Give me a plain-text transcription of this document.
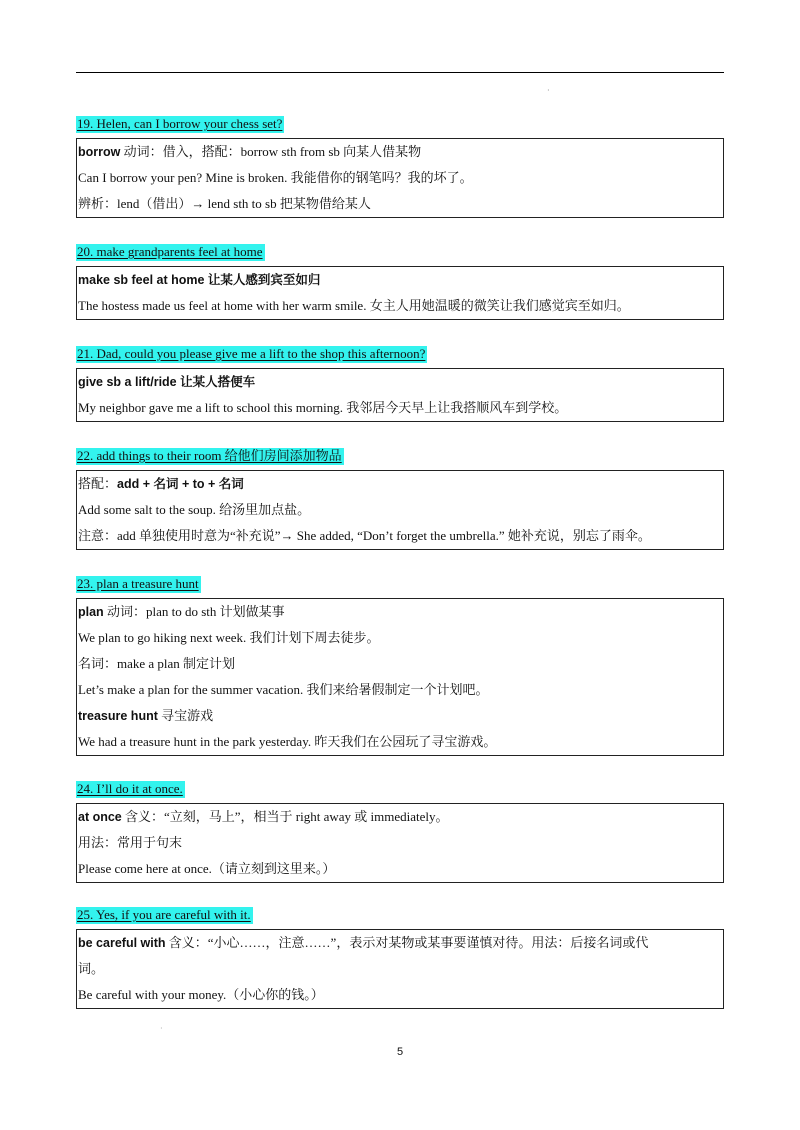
·
19. Helen, can I borrow your chess set?
borrow 动词：借入，搭配：borrow sth from sb 向某人借某物
Can I borrow your pen? Mine is broken. 我能借你的钢笔吗？我的坏了。
辨析：lend（借出）→ lend sth to sb 把某物借给某人
20. make grandparents feel at home
make sb feel at home 让某人感到宾至如归
The hostess made us feel at home with her warm smile. 女主人用她温暖的微笑让我们感觉宾至如归。
21. Dad, could you please give me a lift to the shop this afternoon?
give sb a lift/ride 让某人搭便车
My neighbor gave me a lift to school this morning. 我邻居今天早上让我搭顺风车到学校。
22. add things to their room 给他们房间添加物品
搭配：add + 名词 + to + 名词
Add some salt to the soup. 给汤里加点盐。
注意：add 单独使用时意为“补充说”→ She added, “Don’t forget the umbrella.” 她补充说，别忘了雨伞。
23. plan a treasure hunt
plan 动词：plan to do sth 计划做某事
We plan to go hiking next week. 我们计划下周去徒步。
名词：make a plan 制定计划
Let’s make a plan for the summer vacation. 我们来给暑假制定一个计划吧。
treasure hunt 寻宝游戏
We had a treasure hunt in the park yesterday. 昨天我们在公园玩了寻宝游戏。
24. I’ll do it at once.
at once 含义：“立刻，马上”，相当于 right away 或 immediately。
用法：常用于句末
Please come here at once.（请立刻到这里来。）
25. Yes, if you are careful with it.
be careful with 含义：“小心……，注意……”，表示对某物或某事要谨慎对待。用法：后接名词或代
词。
Be careful with your money.（小心你的钱。）
·
5
